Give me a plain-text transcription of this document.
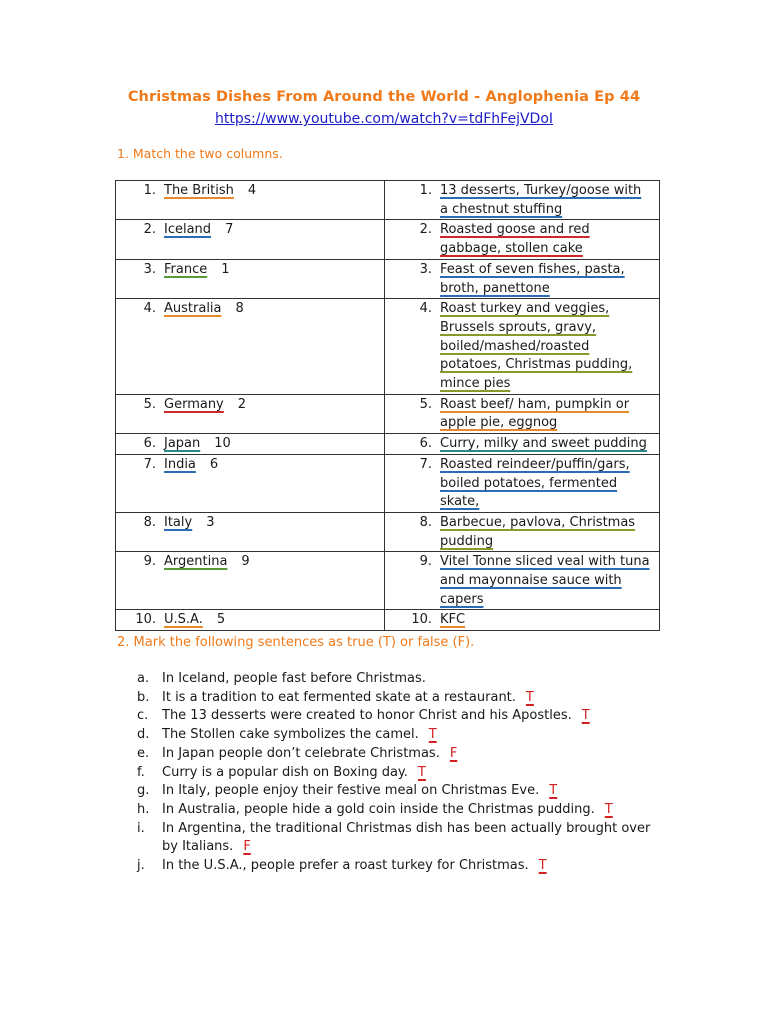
Christmas Dishes From Around the World - Anglophenia Ep 44
https://www.youtube.com/watch?v=tdFhFejVDoI
1. Match the two columns.
1. The British 4	1. 13 desserts, Turkey/goose with a chestnut stuffing

2. Iceland 7	2. Roasted goose and red gabbage, stollen cake

3. France 1	3. Feast of seven fishes, pasta, broth, panettone

4. Australia 8	4. Roast turkey and veggies, Brussels sprouts, gravy, boiled/mashed/roasted potatoes, Christmas pudding, mince pies

5. Germany 2	5. Roast beef/ ham, pumpkin or apple pie, eggnog

6. Japan 10	6. Curry, milky and sweet pudding

7. India 6	7. Roasted reindeer/puffin/gars, boiled potatoes, fermented skate,

8. Italy 3	8. Barbecue, pavlova, Christmas pudding

9. Argentina 9	9. Vitel Tonne sliced veal with tuna and mayonnaise sauce with capers

10. U.S.A. 5	10. KFC
2. Mark the following sentences as true (T) or false (F).
a. In Iceland, people fast before Christmas.
b. It is a tradition to eat fermented skate at a restaurant. T
c.	The 13 desserts were created to honor Christ and his Apostles. T
d. The Stollen cake symbolizes the camel. T
e. In Japan people don’t celebrate Christmas. F
f.	Curry is a popular dish on Boxing day. T
g. In Italy, people enjoy their festive meal on Christmas Eve. T
h. In Australia, people hide a gold coin inside the Christmas pudding. T
i.	In Argentina, the traditional Christmas dish has been actually brought over by Italians. F
j.	In the U.S.A., people prefer a roast turkey for Christmas. T
